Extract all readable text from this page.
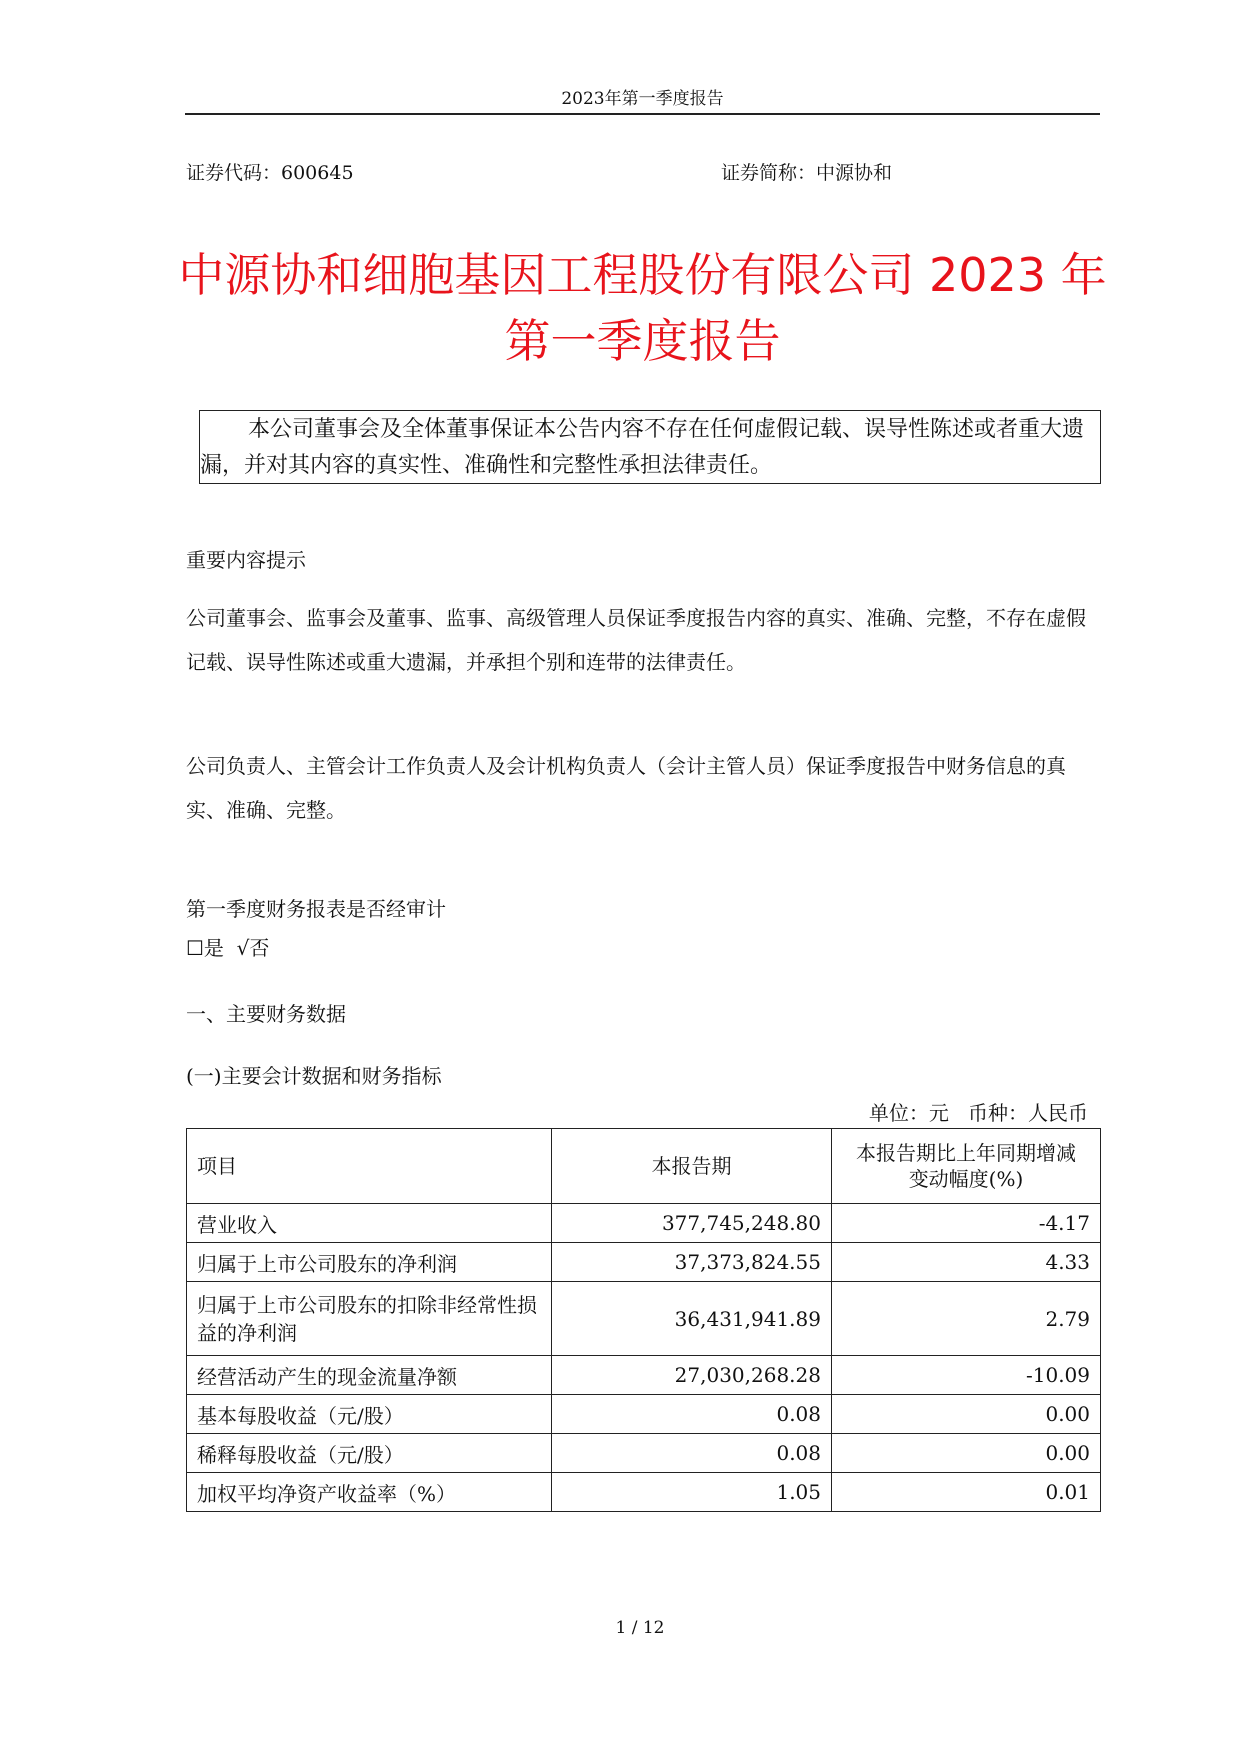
2023年第一季度报告
证券代码：600645	证券简称：中源协和
中源协和细胞基因工程股份有限公司 2023 年
第一季度报告
本公司董事会及全体董事保证本公告内容不存在任何虚假记载、误导性陈述或者重大遗漏，并对其内容的真实性、准确性和完整性承担法律责任。
重要内容提示
公司董事会、监事会及董事、监事、高级管理人员保证季度报告内容的真实、准确、完整，不存在虚假记载、误导性陈述或重大遗漏，并承担个别和连带的法律责任。
公司负责人、主管会计工作负责人及会计机构负责人（会计主管人员）保证季度报告中财务信息的真实、准确、完整。
第一季度财务报表是否经审计
☐是  √否
一、主要财务数据
(一)主要会计数据和财务指标
单位：元   币种：人民币
项目	本报告期	本报告期比上年同期增减
变动幅度(%)

营业收入	377,745,248.80	-4.17
归属于上市公司股东的净利润	37,373,824.55	4.33
归属于上市公司股东的扣除非经常性损益的净利润	36,431,941.89	2.79
经营活动产生的现金流量净额	27,030,268.28	-10.09
基本每股收益（元/股）	0.08	0.00
稀释每股收益（元/股）	0.08	0.00
加权平均净资产收益率（%）	1.05	0.01
1 / 12
